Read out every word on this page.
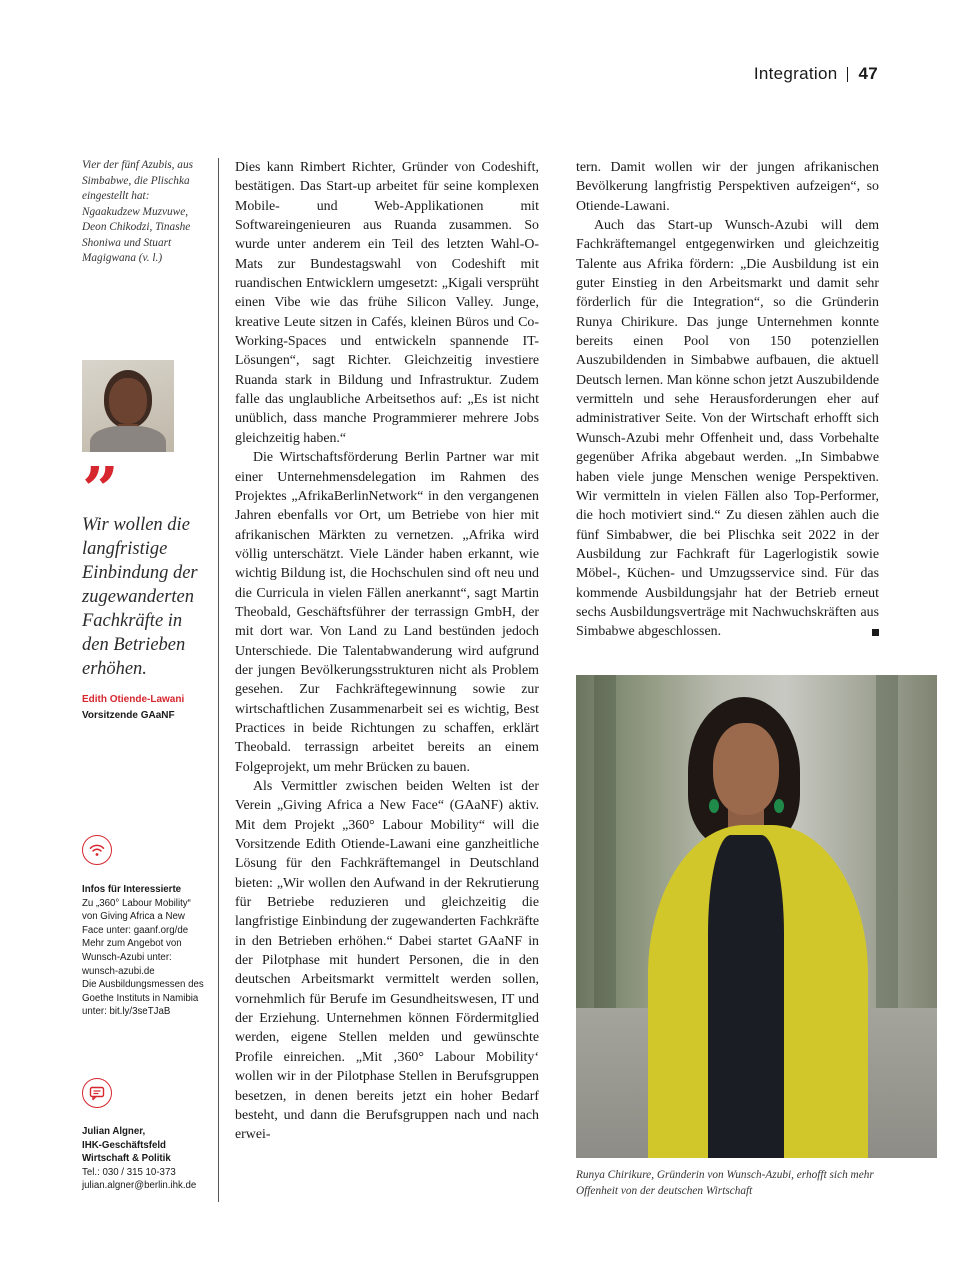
Integration 47

Vier der fünf Azubis, aus Simbabwe, die Plischka eingestellt hat: Ngaakudzew Muzvuwe, Deon Chikodzi, Tinashe Shoniwa und Stuart Magigwana (v. l.)

”

Wir wollen die langfristige Einbindung der zugewanderten Fachkräfte in den Betrieben erhöhen.

Edith Otiende-Lawani
Vorsitzende GAaNF
Infos für Interessierte
Zu „360° Labour Mobility“ von Giving Africa a New Face unter: gaanf.org/de
Mehr zum Angebot von Wunsch-Azubi unter: wunsch-azubi.de
Die Ausbildungsmessen des Goethe Instituts in Namibia unter: bit.ly/3seTJaB
Julian Algner,
IHK-Geschäftsfeld
Wirtschaft & Politik
Tel.: 030 / 315 10-373
julian.algner@berlin.ihk.de

Dies kann Rimbert Richter, Gründer von Codeshift, bestätigen. Das Start-up arbeitet für seine komplexen Mobile- und Web-Applikationen mit Softwareingenieuren aus Ruanda zusammen. So wurde unter anderem ein Teil des letzten Wahl-O-Mats zur Bundestagswahl von Codeshift mit ruandischen Entwicklern umgesetzt: „Kigali versprüht einen Vibe wie das frühe Silicon Valley. Junge, kreative Leute sitzen in Cafés, kleinen Büros und Co-Working-Spaces und entwickeln spannende IT-Lösungen“, sagt Richter. Gleichzeitig investiere Ruanda stark in Bildung und Infrastruktur. Zudem falle das unglaubliche Arbeitsethos auf: „Es ist nicht unüblich, dass manche Programmierer mehrere Jobs gleichzeitig haben.“

Die Wirtschaftsförderung Berlin Partner war mit einer Unternehmensdelegation im Rahmen des Projektes „AfrikaBerlinNetwork“ in den vergangenen Jahren ebenfalls vor Ort, um Betriebe von hier mit afrikanischen Märkten zu vernetzen. „Afrika wird völlig unterschätzt. Viele Länder haben erkannt, wie wichtig Bildung ist, die Hochschulen sind oft neu und die Curricula in vielen Fällen anerkannt“, sagt Martin Theobald, Geschäftsführer der terrassign GmbH, der mit dort war. Von Land zu Land bestünden jedoch Unterschiede. Die Talentabwanderung wird aufgrund der jungen Bevölkerungsstrukturen nicht als Problem gesehen. Zur Fachkräftegewinnung sowie zur wirtschaftlichen Zusammenarbeit sei es wichtig, Best Practices in beide Richtungen zu schaffen, erklärt Theobald. terrassign arbeitet bereits an einem Folgeprojekt, um mehr Brücken zu bauen.

Als Vermittler zwischen beiden Welten ist der Verein „Giving Africa a New Face“ (GAaNF) aktiv. Mit dem Projekt „360° Labour Mobility“ will die Vorsitzende Edith Otiende-Lawani eine ganzheitliche Lösung für den Fachkräftemangel in Deutschland bieten: „Wir wollen den Aufwand in der Rekrutierung für Betriebe reduzieren und gleichzeitig die langfristige Einbindung der zugewanderten Fachkräfte in den Betrieben erhöhen.“ Dabei startet GAaNF in der Pilotphase mit hundert Personen, die in den deutschen Arbeitsmarkt vermittelt werden sollen, vornehmlich für Berufe im Gesundheitswesen, IT und der Erziehung. Unternehmen können Fördermitglied werden, eigene Stellen melden und gewünschte Profile einreichen. „Mit ‚360° Labour Mobility‘ wollen wir in der Pilotphase Stellen in Berufsgruppen besetzen, in denen bereits jetzt ein hoher Bedarf besteht, und dann die Berufsgruppen nach und nach erwei-

tern. Damit wollen wir der jungen afrikanischen Bevölkerung langfristig Perspektiven aufzeigen“, so Otiende-Lawani.

Auch das Start-up Wunsch-Azubi will dem Fachkräftemangel entgegenwirken und gleichzeitig Talente aus Afrika fördern: „Die Ausbildung ist ein guter Einstieg in den Arbeitsmarkt und damit sehr förderlich für die Integration“, so die Gründerin Runya Chirikure. Das junge Unternehmen konnte bereits einen Pool von 150 potenziellen Auszubildenden in Simbabwe aufbauen, die aktuell Deutsch lernen. Man könne schon jetzt Auszubildende vermitteln und sehe Herausforderungen eher auf administrativer Seite. Von der Wirtschaft erhofft sich Wunsch-Azubi mehr Offenheit und, dass Vorbehalte gegenüber Afrika abgebaut werden. „In Simbabwe haben viele junge Menschen wenige Perspektiven. Wir vermitteln in vielen Fällen also Top-Performer, die hoch motiviert sind.“ Zu diesen zählen auch die fünf Simbabwer, die bei Plischka seit 2022 in der Ausbildung zur Fachkraft für Lagerlogistik sowie Möbel-, Küchen- und Umzugsservice sind. Für das kommende Ausbildungsjahr hat der Betrieb erneut sechs Ausbildungsverträge mit Nachwuchskräften aus Simbabwe abgeschlossen.

Runya Chirikure, Gründerin von Wunsch-Azubi, erhofft sich mehr Offenheit von der deutschen Wirtschaft
